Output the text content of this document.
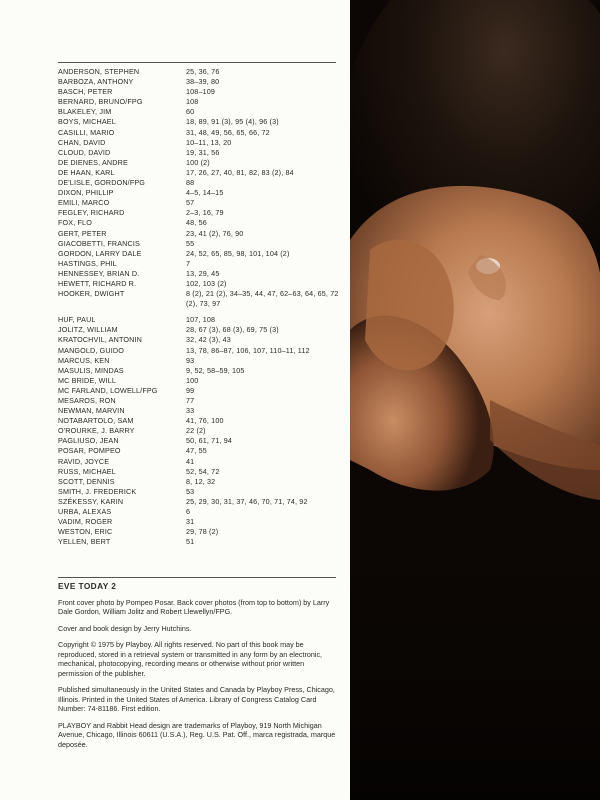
ANDERSON, STEPHEN	25, 36, 76
BARBOZA, ANTHONY	38–39, 80
BASCH, PETER	108–109
BERNARD, BRUNO/FPG	108
BLAKELEY, JIM	60
BOYS, MICHAEL	18, 89, 91 (3), 95 (4), 96 (3)
CASILLI, MARIO	31, 48, 49, 56, 65, 66, 72
CHAN, DAVID	10–11, 13, 20
CLOUD, DAVID	19, 31, 56
DE DIENES, ANDRE	100 (2)
DE HAAN, KARL	17, 26, 27, 40, 81, 82, 83 (2), 84
DE'LISLE, GORDON/FPG	88
DIXON, PHILLIP	4–5, 14–15
EMILI, MARCO	57
FEGLEY, RICHARD	2–3, 16, 79
FOX, FLO	48, 56
GERT, PETER	23, 41 (2), 76, 90
GIACOBETTI, FRANCIS	55
GORDON, LARRY DALE	24, 52, 65, 85, 98, 101, 104 (2)
HASTINGS, PHIL	7
HENNESSEY, BRIAN D.	13, 29, 45
HEWETT, RICHARD R.	102, 103 (2)
HOOKER, DWIGHT	8 (2), 21 (2), 34–35, 44, 47, 62–63, 64, 65, 72 (2), 73, 97
HUF, PAUL	107, 108
JOLITZ, WILLIAM	28, 67 (3), 68 (3), 69, 75 (3)
KRATOCHVIL, ANTONIN	32, 42 (3), 43
MANGOLD, GUIDO	13, 78, 86–87, 106, 107, 110–11, 112
MARCUS, KEN	93
MASULIS, MINDAS	9, 52, 58–59, 105
MC BRIDE, WILL	100
MC FARLAND, LOWELL/FPG	99
MESAROS, RON	77
NEWMAN, MARVIN	33
NOTABARTOLO, SAM	41, 76, 100
O'ROURKE, J. BARRY	22 (2)
PAGLIUSO, JEAN	50, 61, 71, 94
POSAR, POMPEO	47, 55
RAVID, JOYCE	41
RUSS, MICHAEL	52, 54, 72
SCOTT, DENNIS	8, 12, 32
SMITH, J. FREDERICK	53
SZÉKESSY, KARIN	25, 29, 30, 31, 37, 46, 70, 71, 74, 92
URBA, ALEXAS	6
VADIM, ROGER	31
WESTON, ERIC	29, 78 (2)
YELLEN, BERT	51
EVE TODAY 2

Front cover photo by Pompeo Posar. Back cover photos (from top to bottom) by Larry Dale Gordon, William Jolitz and Robert Llewellyn/FPG.

Cover and book design by Jerry Hutchins.

Copyright © 1975 by Playboy. All rights reserved. No part of this book may be reproduced, stored in a retrieval system or transmitted in any form by an electronic, mechanical, photocopying, recording means or otherwise without prior written permission of the publisher.

Published simultaneously in the United States and Canada by Playboy Press, Chicago, Illinois. Printed in the United States of America. Library of Congress Catalog Card Number: 74-81186. First edition.

PLAYBOY and Rabbit Head design are trademarks of Playboy, 919 North Michigan Avenue, Chicago, Illinois 60611 (U.S.A.), Reg. U.S. Pat. Off., marca registrada, marque deposée.
